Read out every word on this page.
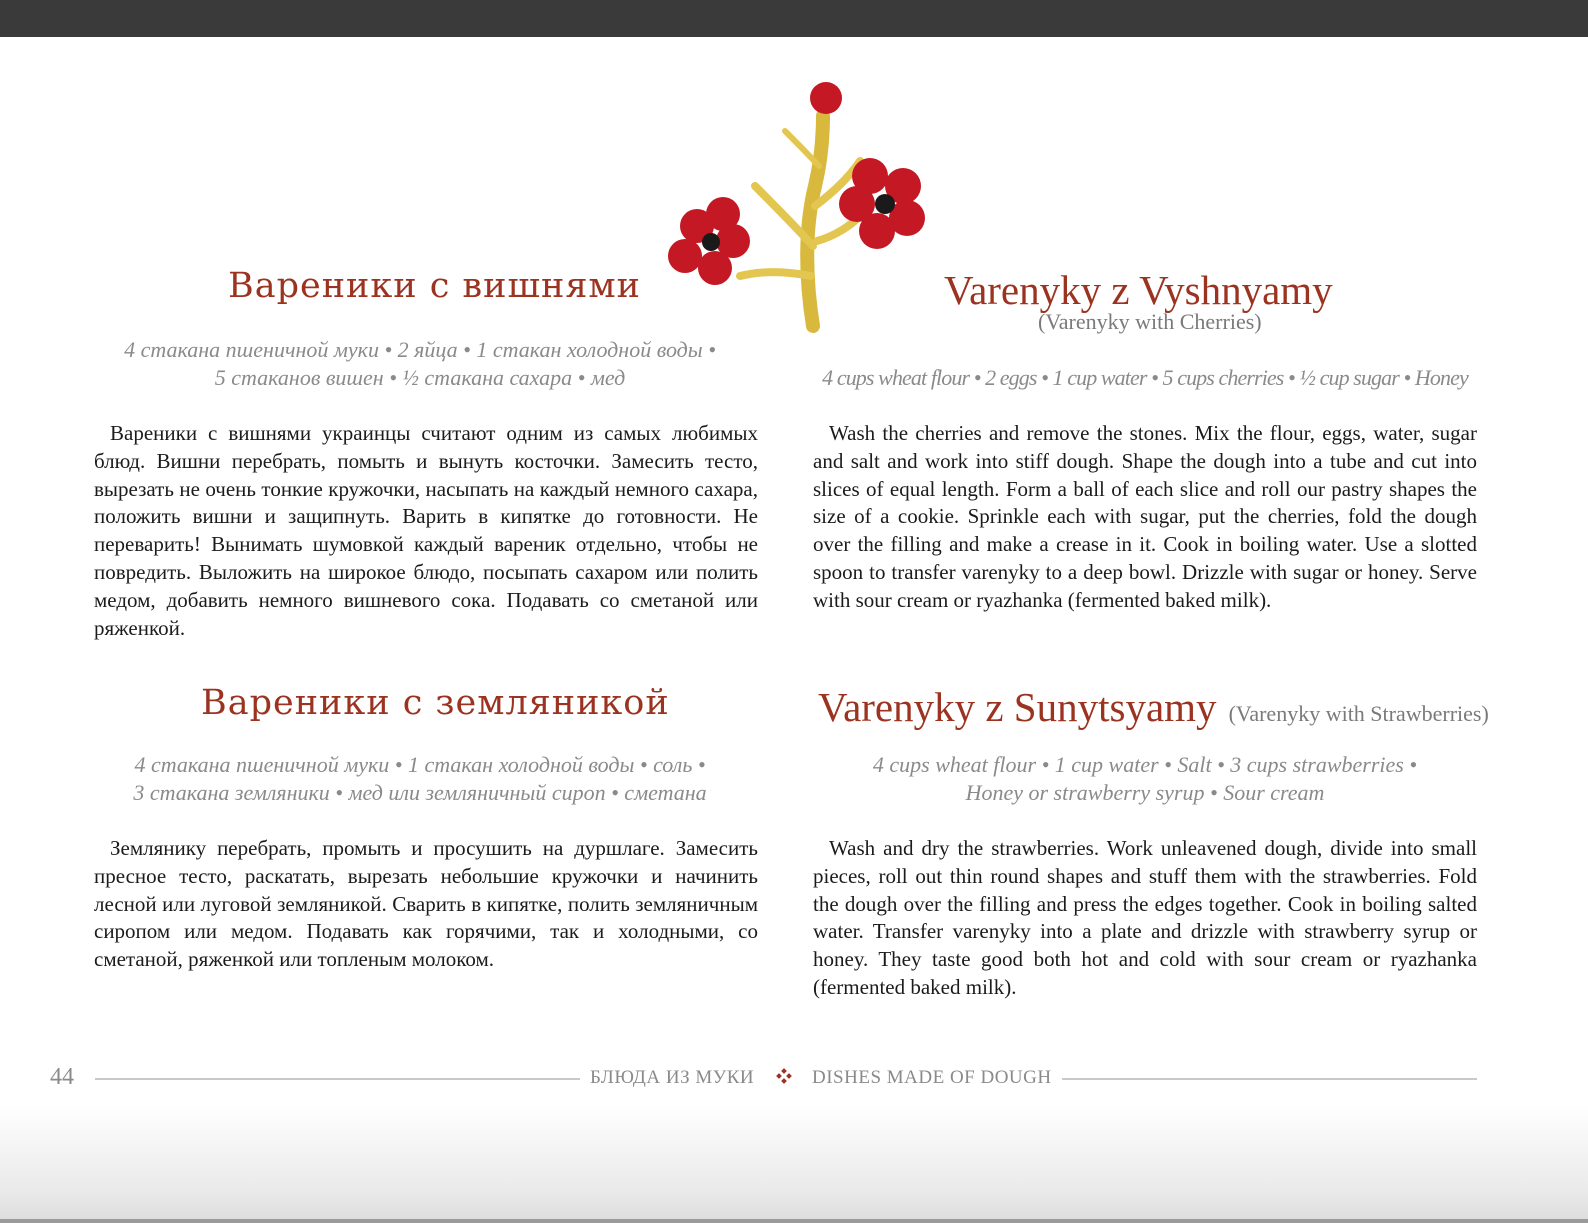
Вареники с вишнями
4 стакана пшеничной муки • 2 яйца • 1 стакан холодной воды •
5 стаканов вишен • ½ стакана сахара • мед

Вареники с вишнями украинцы считают одним из самых любимых блюд. Вишни перебрать, помыть и вынуть косточки. Замесить тесто, вырезать не очень тонкие кружочки, насыпать на каждый немного сахара, положить вишни и защипнуть. Варить в кипятке до готовности. Не переварить! Вынимать шумовкой каждый вареник отдельно, чтобы не повредить. Выложить на широкое блюдо, посыпать сахаром или полить медом, добавить немного вишневого сока. Подавать со сметаной или ряженкой.

Varenyky z Vyshnyamy
(Varenyky with Cherries)
4 cups wheat flour • 2 eggs • 1 cup water • 5 cups cherries • ½ cup sugar • Honey

Wash the cherries and remove the stones. Mix the flour, eggs, water, sugar and salt and work into stiff dough. Shape the dough into a tube and cut into slices of equal length. Form a ball of each slice and roll our pastry shapes the size of a cookie. Sprinkle each with sugar, put the cherries, fold the dough over the filling and make a crease in it. Cook in boiling water. Use a slotted spoon to transfer varenyky to a deep bowl. Drizzle with sugar or honey. Serve with sour cream or ryazhanka (fermented baked milk).

Вареники с земляникой
4 стакана пшеничной муки • 1 стакан холодной воды • соль •
3 стакана земляники • мед или земляничный сироп • сметана

Землянику перебрать, промыть и просушить на дуршлаге. Замесить пресное тесто, раскатать, вырезать небольшие кружочки и начинить лесной или луговой земляникой. Сварить в кипятке, полить земляничным сиропом или медом. Подавать как горячими, так и холодными, со сметаной, ряженкой или топленым молоком.

Varenyky z Sunytsyamy (Varenyky with Strawberries)
4 cups wheat flour • 1 cup water • Salt • 3 cups strawberries •
Honey or strawberry syrup • Sour cream

Wash and dry the strawberries. Work unleavened dough, divide into small pieces, roll out thin round shapes and stuff them with the strawberries. Fold the dough over the filling and press the edges together. Cook in boiling salted water. Transfer varenyky into a plate and drizzle with strawberry syrup or honey. They taste good both hot and cold with sour cream or ryazhanka (fermented baked milk).

44	БЛЮДА ИЗ МУКИ	DISHES MADE OF DOUGH
